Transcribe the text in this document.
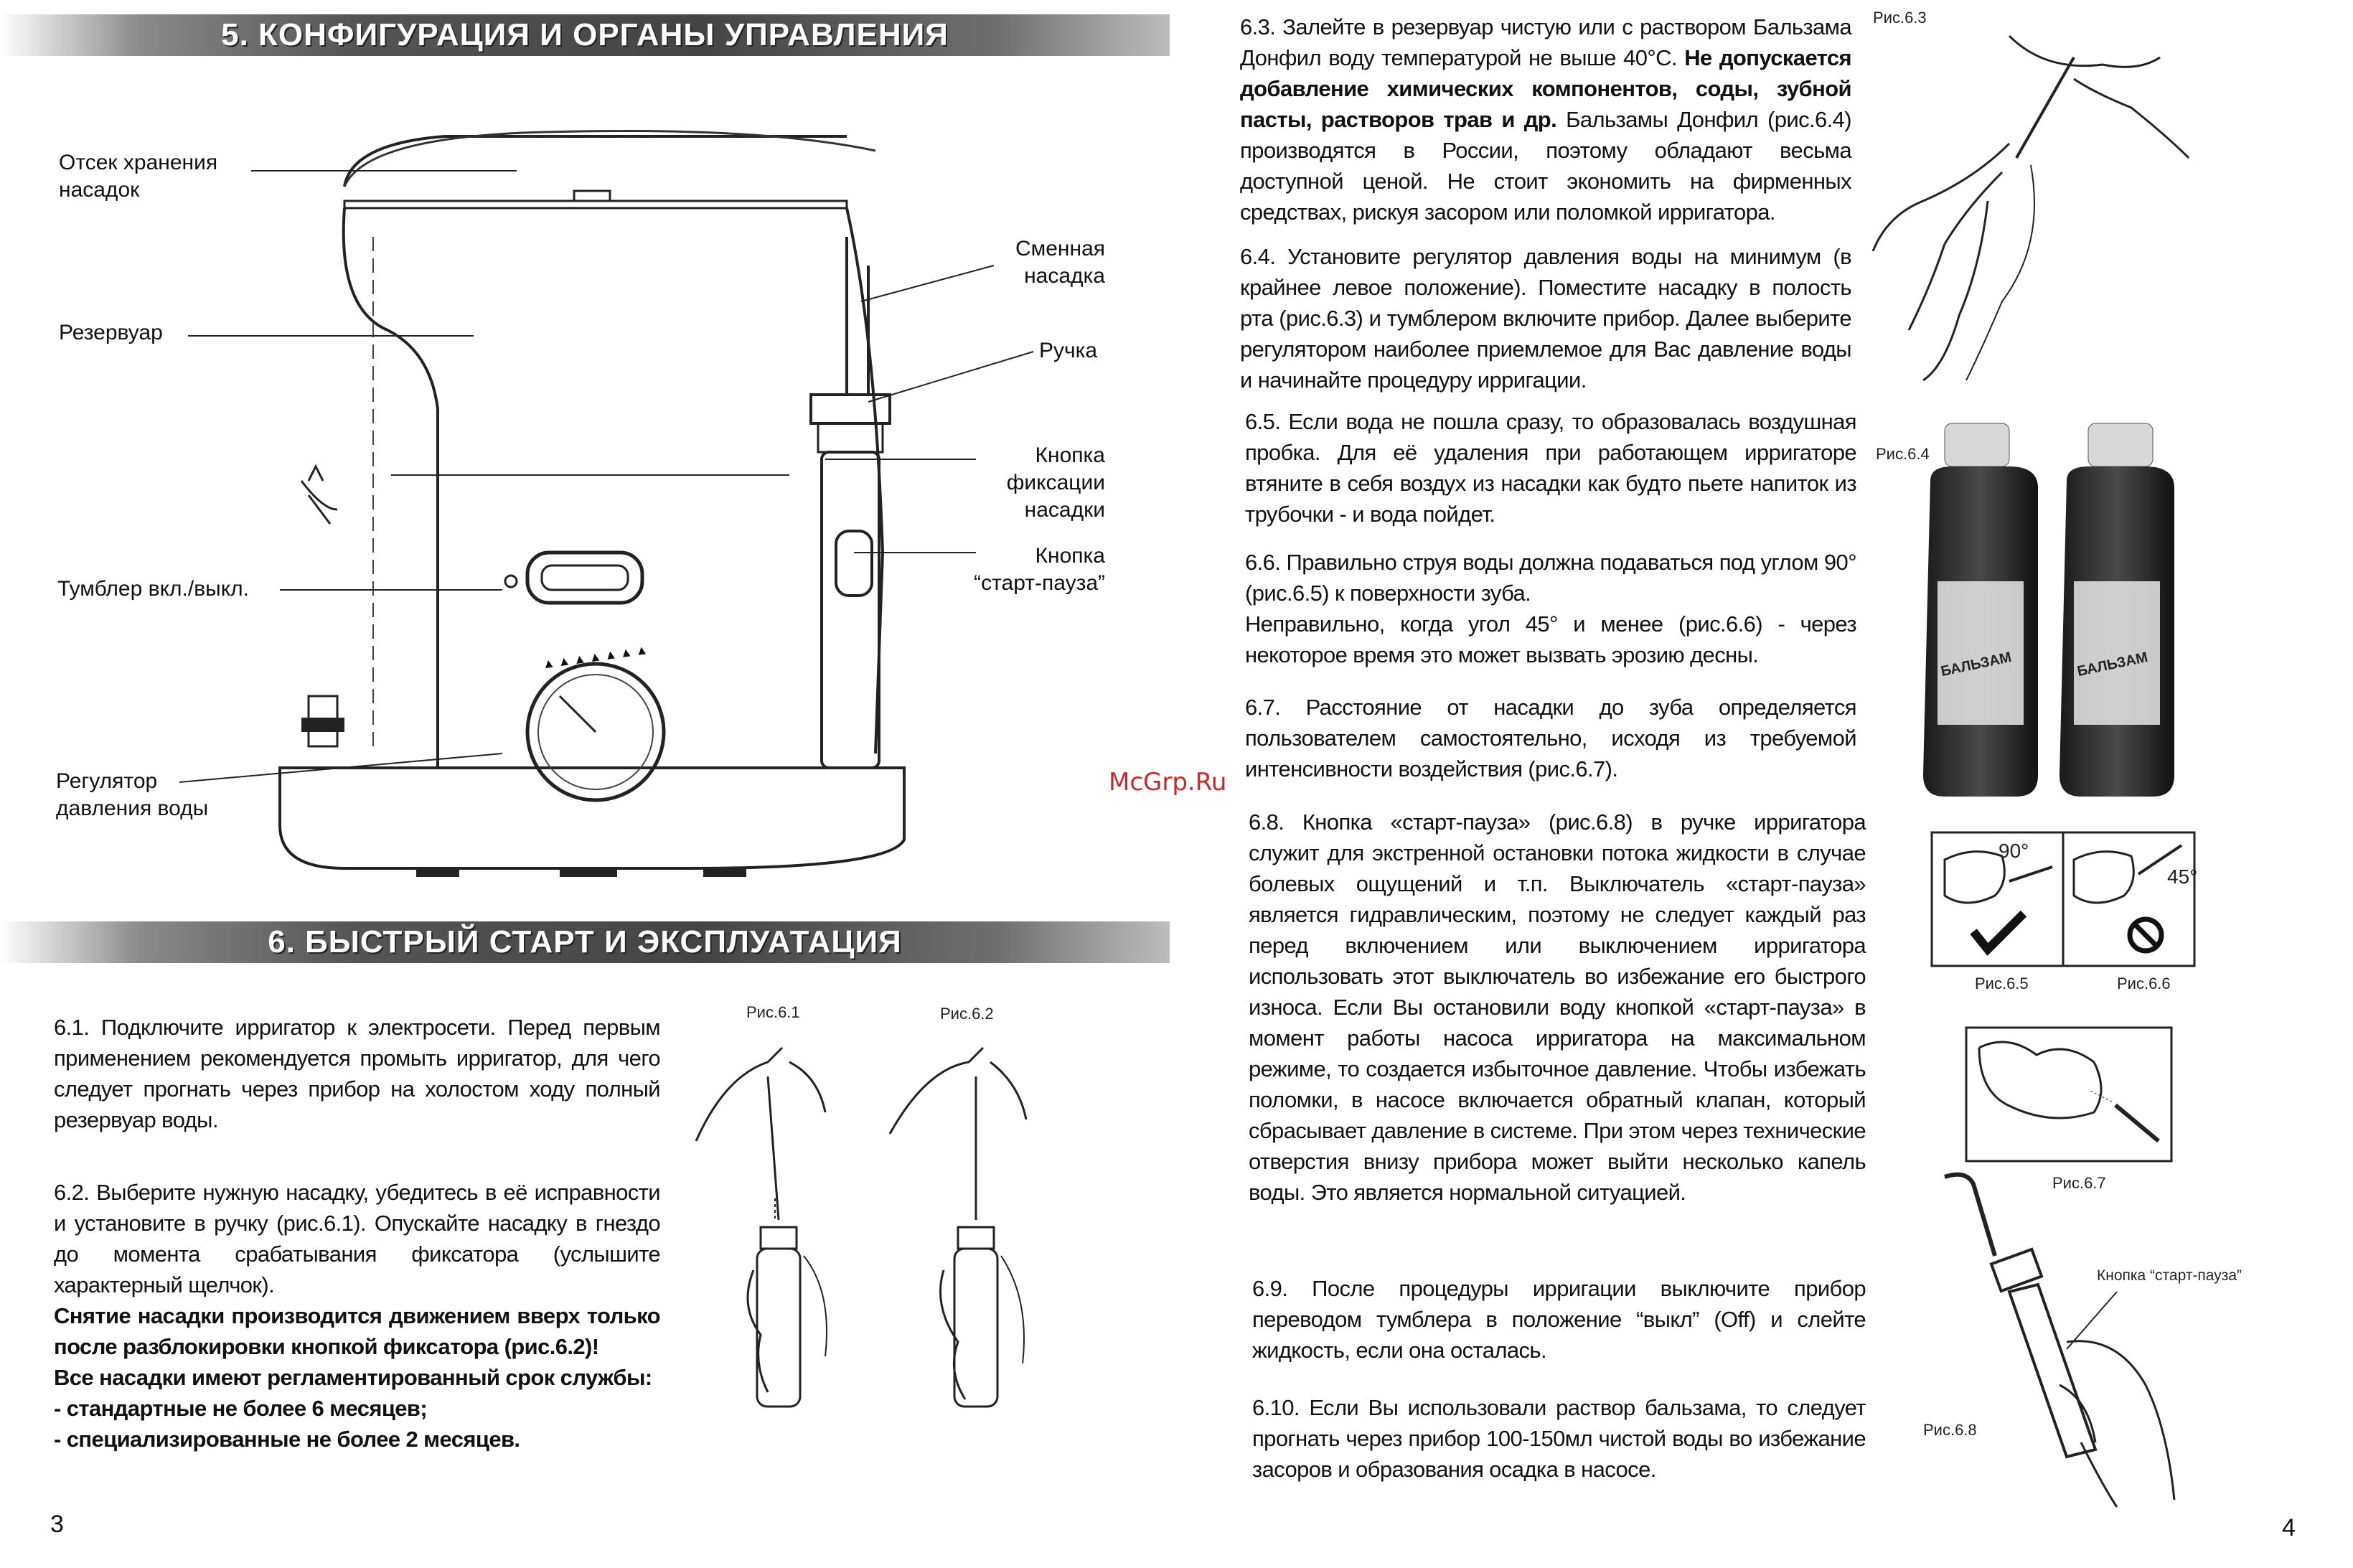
5. КОНФИГУРАЦИЯ И ОРГАНЫ УПРАВЛЕНИЯ
Отсек хранения
насадок
Резервуар
Тумблер вкл./выкл.
Регулятор
давления воды
Сменная
насадка
Ручка
Кнопка
фиксации
насадки
Кнопка
“старт-пауза”
▲▲▲▲▲▲▲
6. БЫСТРЫЙ СТАРТ И ЭКСПЛУАТАЦИЯ

6.1. Подключите ирригатор к электросети. Перед первым применением рекомендуется промыть ирригатор, для чего следует прогнать через прибор на холостом ходу полный резервуар воды.

6.2. Выберите нужную насадку, убедитесь в её исправности и установите в ручку (рис.6.1). Опускайте насадку в гнездо до момента срабатывания фиксатора (услышите характерный щелчок).

Снятие насадки производится движением вверх только после разблокировки кнопкой фиксатора (рис.6.2)!

Все насадки имеют регламентированный срок службы:

- стандартные не более 6 месяцев;

- специализированные не более 2 месяцев.

Рис.6.1	Рис.6.2
3

6.3. Залейте в резервуар чистую или с раствором Бальзама Донфил воду температурой не выше 40°С. Не допускается добавление химических компонентов, соды, зубной пасты, растворов трав и др. Бальзамы Донфил (рис.6.4) производятся в России, поэтому обладают весьма доступной ценой. Не стоит экономить на фирменных средствах, рискуя засором или поломкой ирригатора.

6.4. Установите регулятор давления воды на минимум (в крайнее левое положение). Поместите насадку в полость рта (рис.6.3) и тумблером включите прибор. Далее выберите регулятором наиболее приемлемое для Вас давление воды и начинайте процедуру ирригации.

6.5. Если вода не пошла сразу, то образовалась воздушная пробка. Для её удаления при работающем ирригаторе втяните в себя воздух из насадки как будто пьете напиток из трубочки - и вода пойдет.

6.6. Правильно струя воды должна подаваться под углом 90° (рис.6.5) к поверхности зуба.

Неправильно, когда угол 45° и менее (рис.6.6) - через некоторое время это может вызвать эрозию десны.

6.7. Расстояние от насадки до зуба определяется пользователем самостоятельно, исходя из требуемой интенсивности воздействия (рис.6.7).

6.8. Кнопка «старт-пауза» (рис.6.8) в ручке ирригатора служит для экстренной остановки потока жидкости в случае болевых ощущений и т.п. Выключатель «старт-пауза» является гидравлическим, поэтому не следует каждый раз перед включением или выключением ирригатора использовать этот выключатель во избежание его быстрого износа. Если Вы остановили воду кнопкой «старт-пауза» в момент работы насоса ирригатора на максимальном режиме, то создается избыточное давление. Чтобы избежать поломки, в насосе включается обратный клапан, который сбрасывает давление в системе. При этом через технические отверстия внизу прибора может выйти несколько капель воды. Это является нормальной ситуацией.

6.9. После процедуры ирригации выключите прибор переводом тумблера в положение “выкл” (Off) и слейте жидкость, если она осталась.

6.10. Если Вы использовали раствор бальзама, то следует прогнать через прибор 100-150мл чистой воды во избежание засоров и образования осадка в насосе.

McGrp.Ru
Рис.6.3
Рис.6.4
БАЛЬЗАМ	БАЛЬЗАМ
90°
45°
Рис.6.5	Рис.6.6
Рис.6.7
Кнопка “старт-пауза”
Рис.6.8
4
